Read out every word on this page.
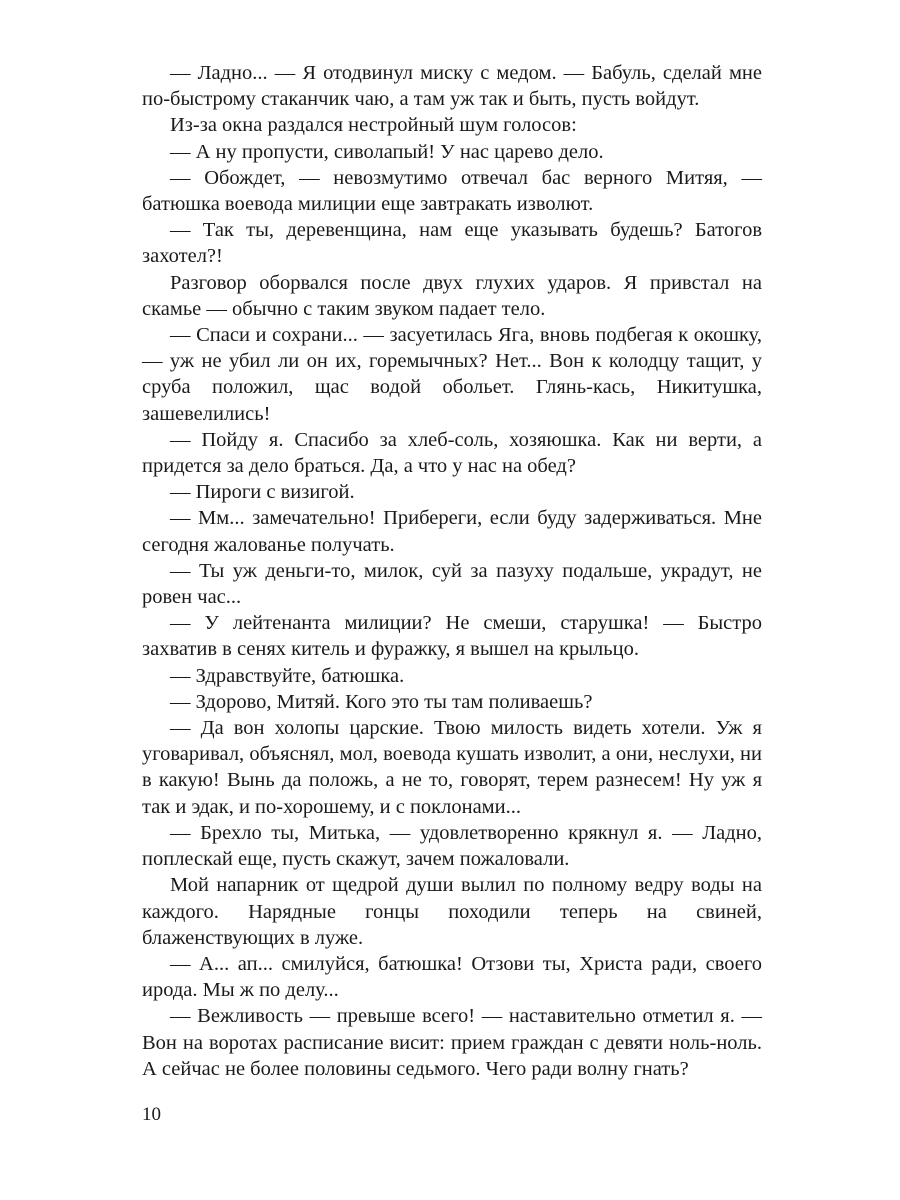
— Ладно... — Я отодвинул миску с медом. — Бабуль, сделай мне по-быстрому стаканчик чаю, а там уж так и быть, пусть войдут.

Из-за окна раздался нестройный шум голосов:

— А ну пропусти, сиволапый! У нас царево дело.

— Обождет, — невозмутимо отвечал бас верного Митяя, — батюшка воевода милиции еще завтракать изволют.

— Так ты, деревенщина, нам еще указывать будешь? Батогов захотел?!

Разговор оборвался после двух глухих ударов. Я привстал на скамье — обычно с таким звуком падает тело.

— Спаси и сохрани... — засуетилась Яга, вновь подбегая к окошку, — уж не убил ли он их, горемычных? Нет... Вон к колодцу тащит, у сруба положил, щас водой обольет. Глянь-кась, Никитушка, зашевелились!

— Пойду я. Спасибо за хлеб-соль, хозяюшка. Как ни верти, а придется за дело браться. Да, а что у нас на обед?

— Пироги с визигой.

— Мм... замечательно! Прибереги, если буду задерживаться. Мне сегодня жалованье получать.

— Ты уж деньги-то, милок, суй за пазуху подальше, украдут, не ровен час...

— У лейтенанта милиции? Не смеши, старушка! — Быстро захватив в сенях китель и фуражку, я вышел на крыльцо.

— Здравствуйте, батюшка.

— Здорово, Митяй. Кого это ты там поливаешь?

— Да вон холопы царские. Твою милость видеть хотели. Уж я уговаривал, объяснял, мол, воевода кушать изволит, а они, неслухи, ни в какую! Вынь да положь, а не то, говорят, терем разнесем! Ну уж я так и эдак, и по-хорошему, и с поклонами...

— Брехло ты, Митька, — удовлетворенно крякнул я. — Ладно, поплескай еще, пусть скажут, зачем пожаловали.

Мой напарник от щедрой души вылил по полному ведру воды на каждого. Нарядные гонцы походили теперь на свиней, блаженствующих в луже.

— А... ап... смилуйся, батюшка! Отзови ты, Христа ради, своего ирода. Мы ж по делу...

— Вежливость — превыше всего! — наставительно отметил я. — Вон на воротах расписание висит: прием граждан с девяти ноль-ноль. А сейчас не более половины седьмого. Чего ради волну гнать?

10
